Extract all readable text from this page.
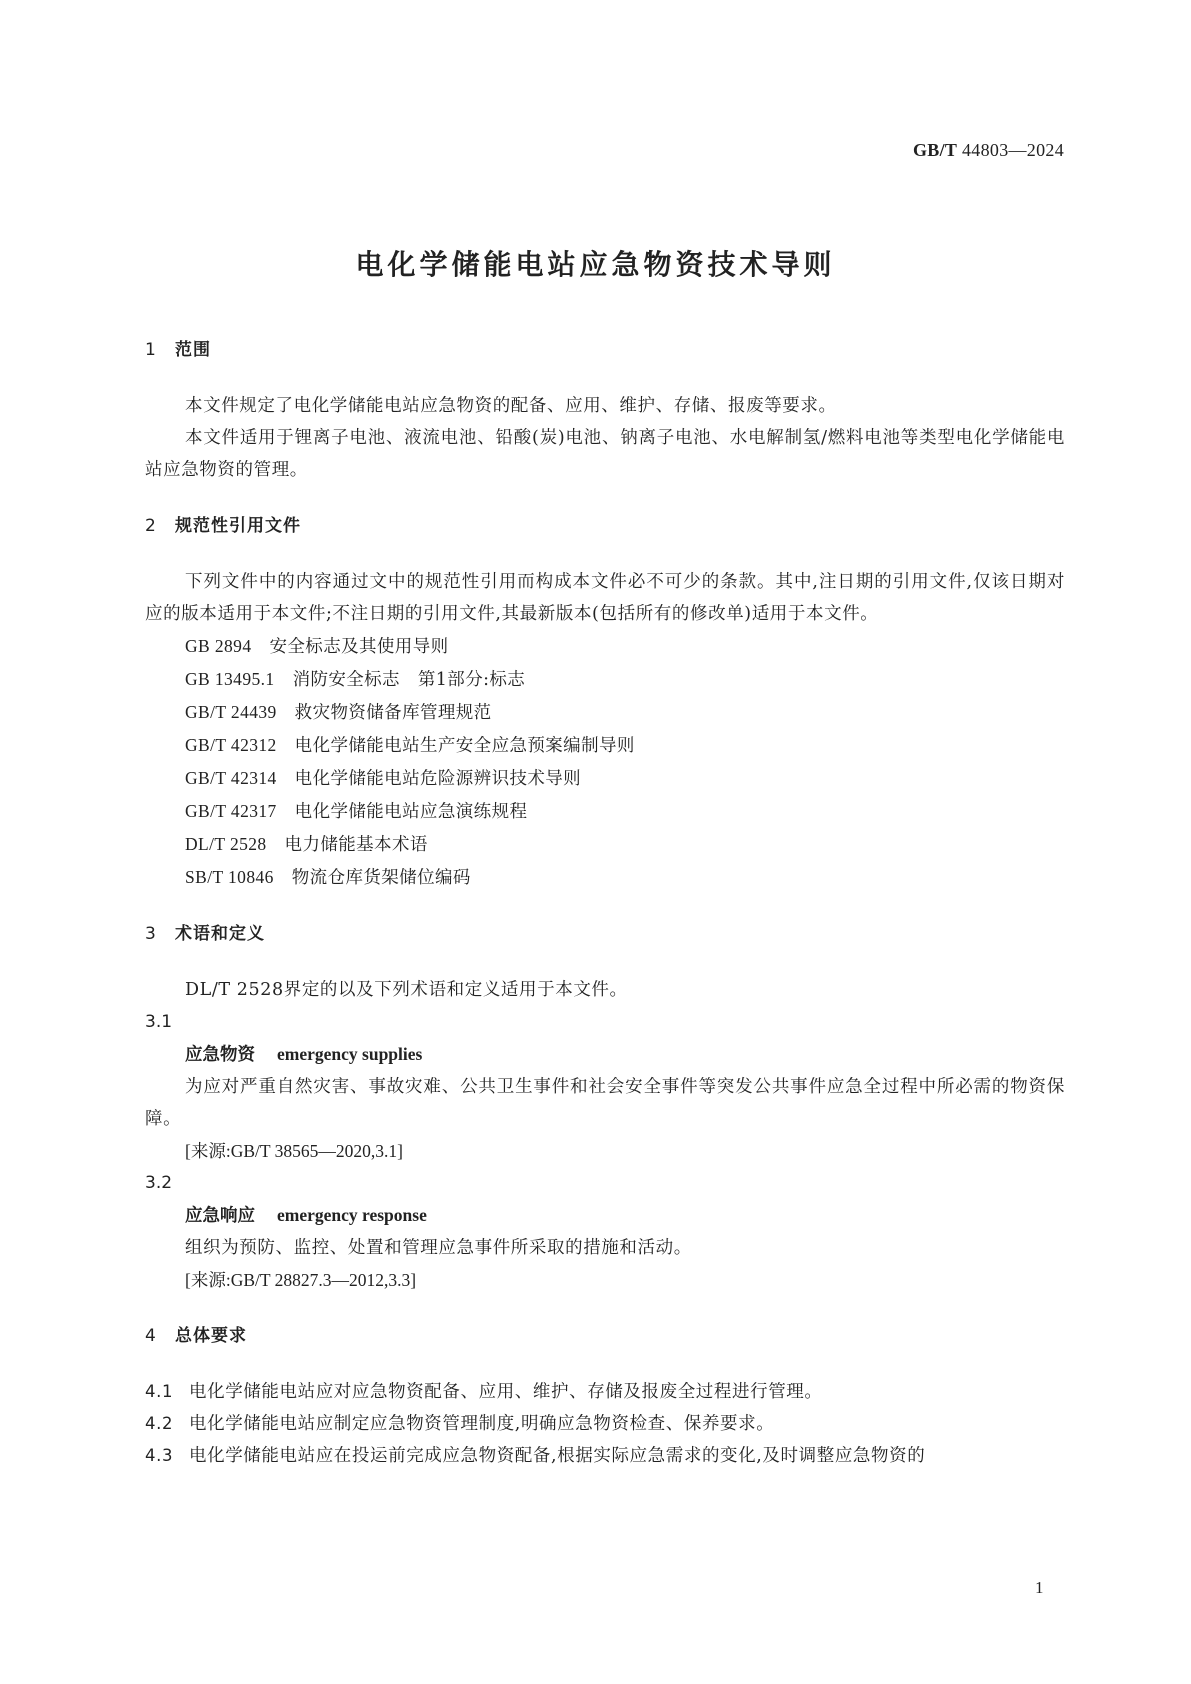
GB/T 44803—2024
电化学储能电站应急物资技术导则
1 范围
本文件规定了电化学储能电站应急物资的配备、应用、维护、存储、报废等要求。
本文件适用于锂离子电池、液流电池、铅酸(炭)电池、钠离子电池、水电解制氢/燃料电池等类型电化学储能电站应急物资的管理。
2 规范性引用文件
下列文件中的内容通过文中的规范性引用而构成本文件必不可少的条款。其中,注日期的引用文件,仅该日期对应的版本适用于本文件;不注日期的引用文件,其最新版本(包括所有的修改单)适用于本文件。
GB 2894 安全标志及其使用导则
GB 13495.1 消防安全标志　第1部分:标志
GB/T 24439 救灾物资储备库管理规范
GB/T 42312 电化学储能电站生产安全应急预案编制导则
GB/T 42314 电化学储能电站危险源辨识技术导则
GB/T 42317 电化学储能电站应急演练规程
DL/T 2528 电力储能基本术语
SB/T 10846 物流仓库货架储位编码
3 术语和定义
DL/T 2528界定的以及下列术语和定义适用于本文件。
3.1
应急物资 emergency supplies
为应对严重自然灾害、事故灾难、公共卫生事件和社会安全事件等突发公共事件应急全过程中所必需的物资保障。
[来源:GB/T 38565—2020,3.1]
3.2
应急响应 emergency response
组织为预防、监控、处置和管理应急事件所采取的措施和活动。
[来源:GB/T 28827.3—2012,3.3]
4 总体要求
4.1 电化学储能电站应对应急物资配备、应用、维护、存储及报废全过程进行管理。
4.2 电化学储能电站应制定应急物资管理制度,明确应急物资检查、保养要求。
4.3 电化学储能电站应在投运前完成应急物资配备,根据实际应急需求的变化,及时调整应急物资的
1
